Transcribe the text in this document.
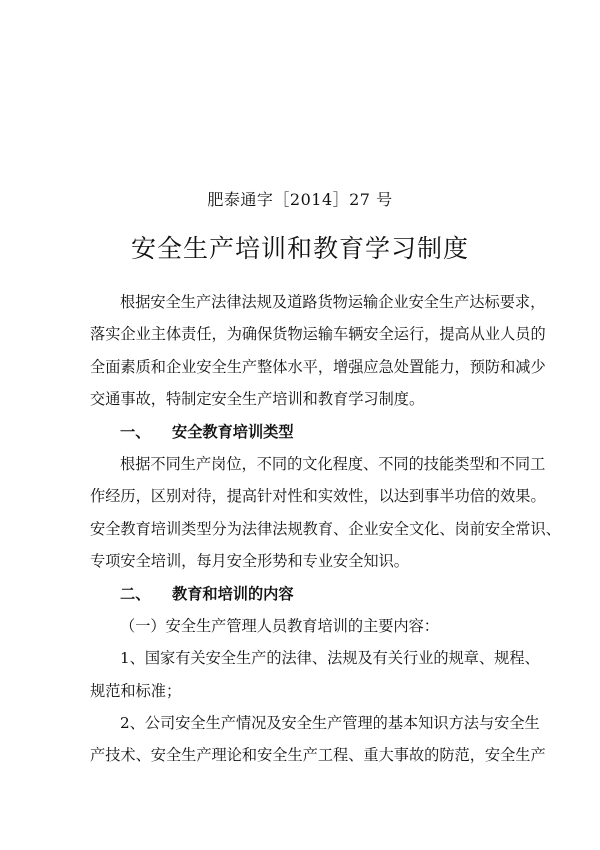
肥泰通字［2014］27 号
安全生产培训和教育学习制度
根据安全生产法律法规及道路货物运输企业安全生产达标要求，
落实企业主体责任，为确保货物运输车辆安全运行，提高从业人员的
全面素质和企业安全生产整体水平，增强应急处置能力，预防和减少
交通事故，特制定安全生产培训和教育学习制度。
一、 安全教育培训类型
根据不同生产岗位，不同的文化程度、不同的技能类型和不同工
作经历，区别对待，提高针对性和实效性，以达到事半功倍的效果。
安全教育培训类型分为法律法规教育、企业安全文化、岗前安全常识、
专项安全培训，每月安全形势和专业安全知识。
二、 教育和培训的内容
（一）安全生产管理人员教育培训的主要内容：
1、国家有关安全生产的法律、法规及有关行业的规章、规程、
规范和标准；
2、公司安全生产情况及安全生产管理的基本知识方法与安全生
产技术、安全生产理论和安全生产工程、重大事故的防范，安全生产
